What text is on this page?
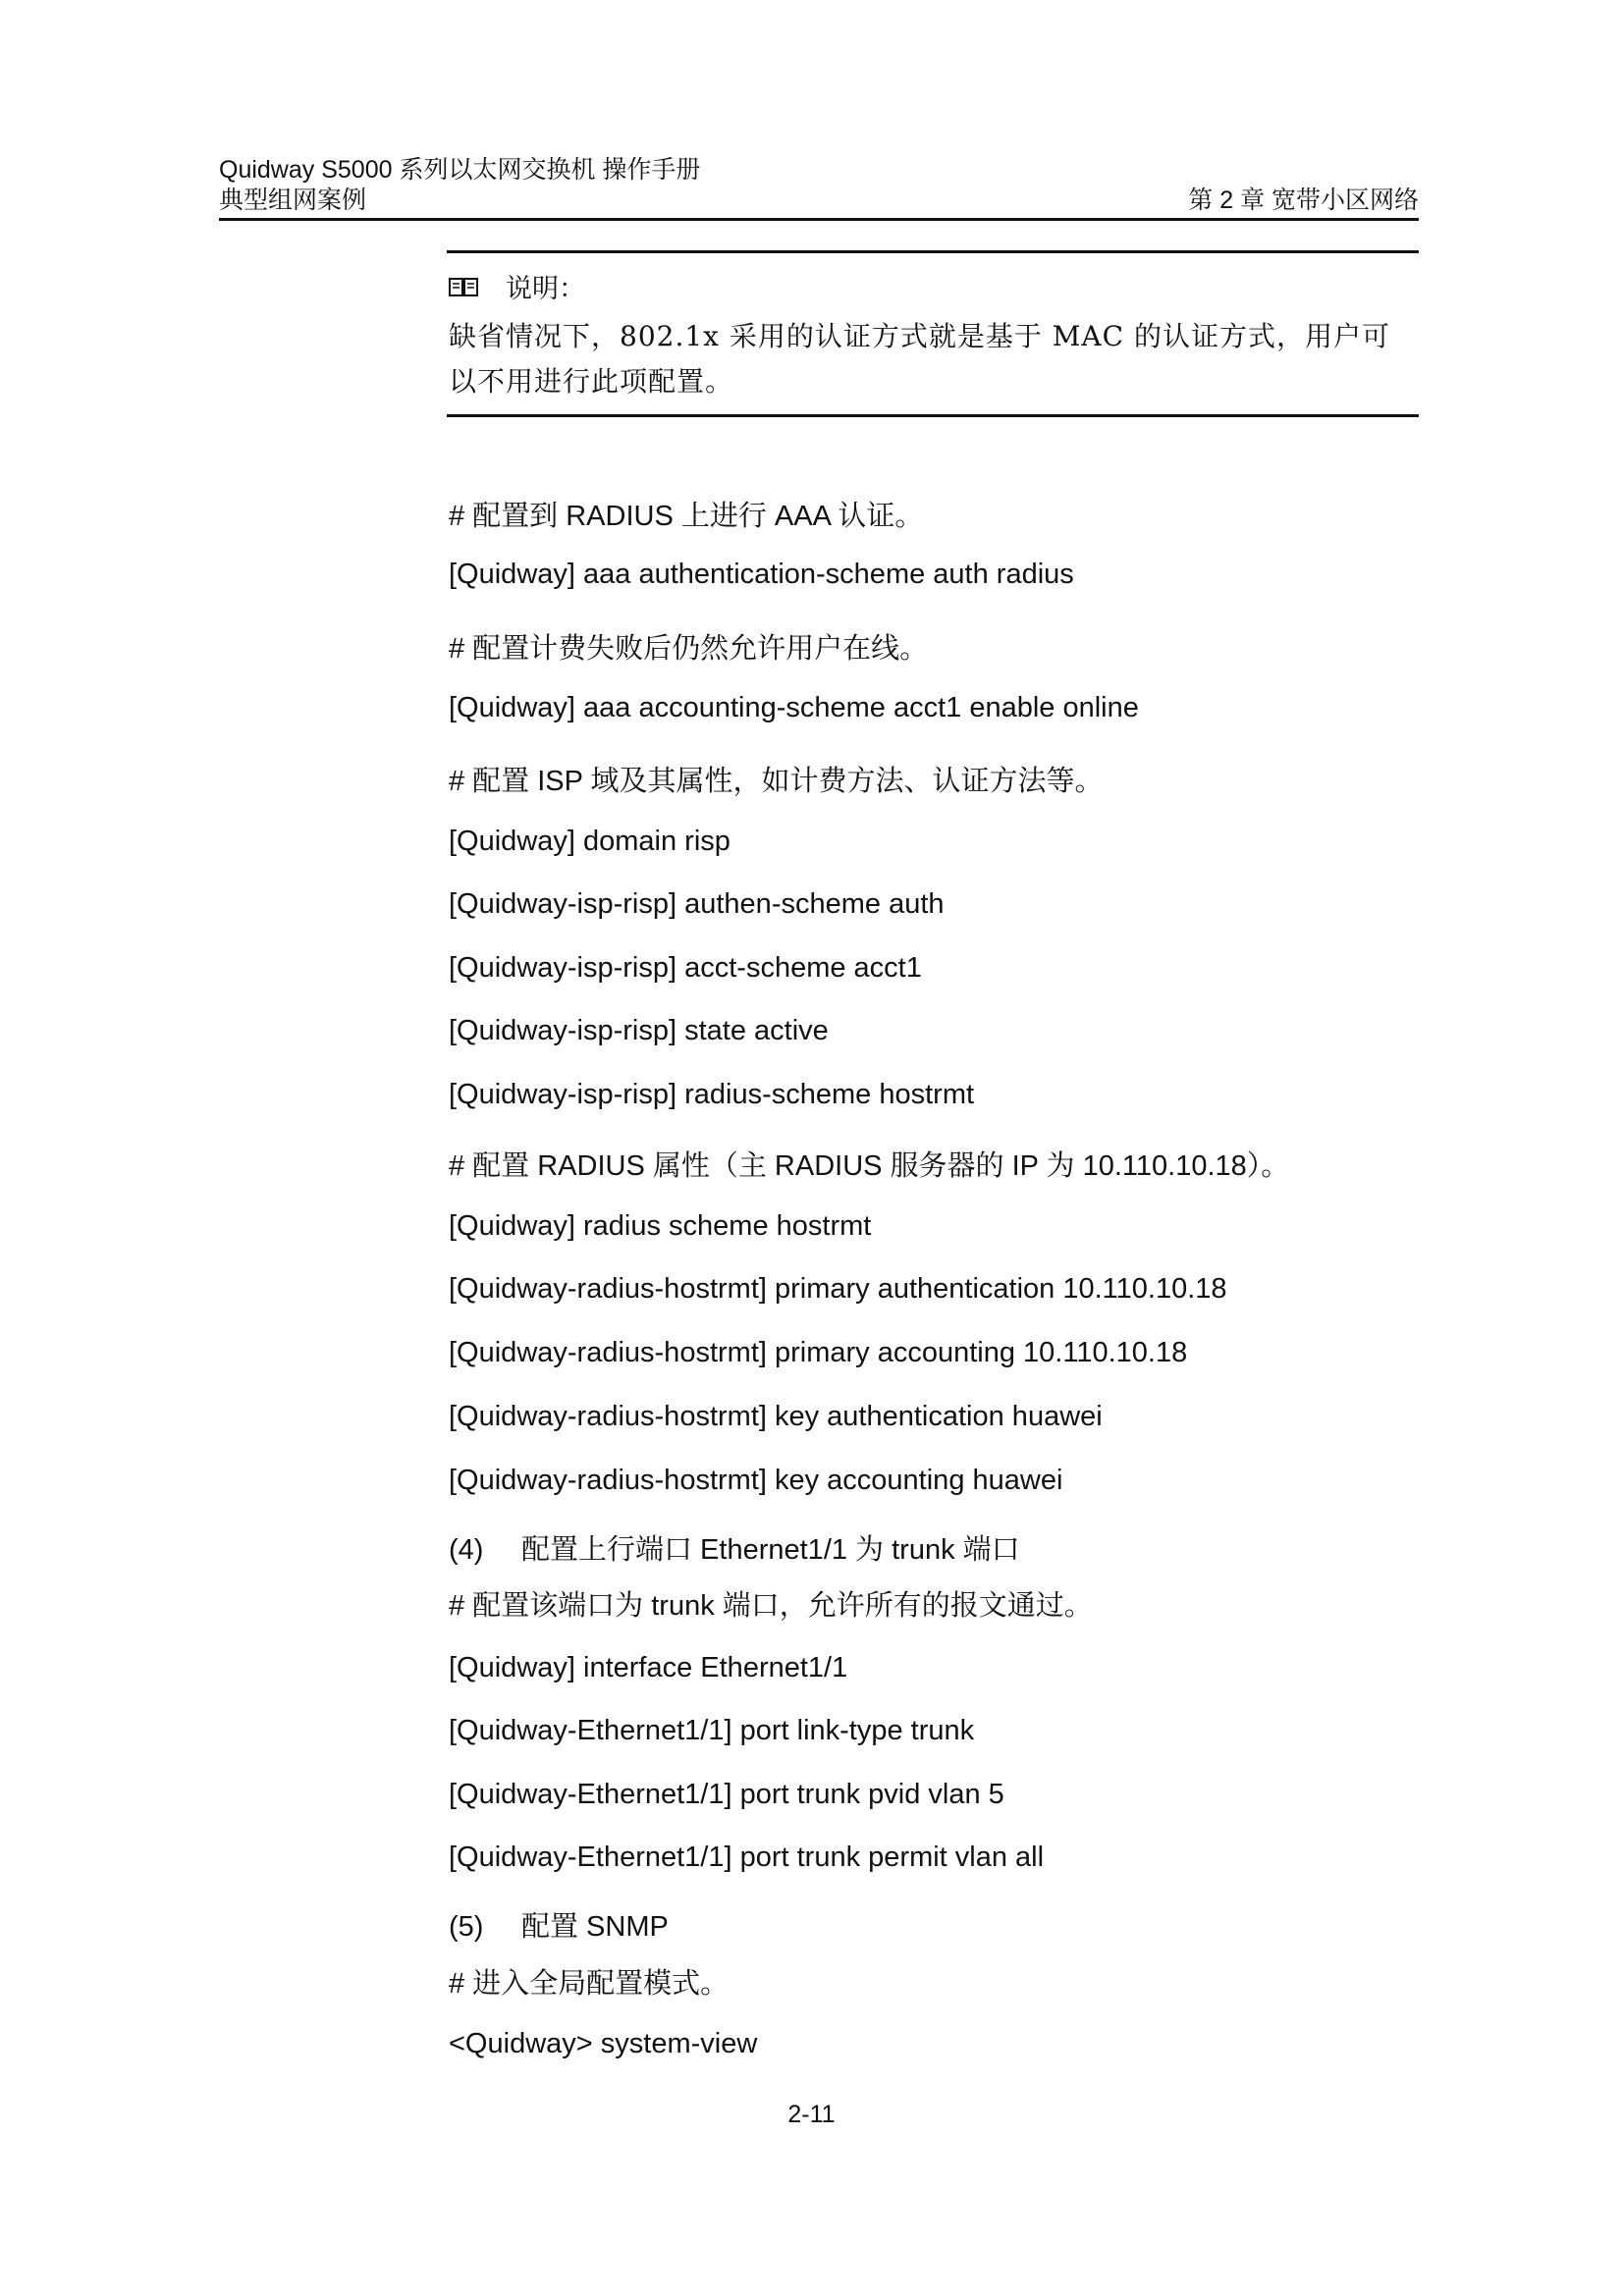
Quidway S5000 系列以太网交换机 操作手册
典型组网案例	第 2 章 宽带小区网络
说明：
缺省情况下，802.1x 采用的认证方式就是基于 MAC 的认证方式，用户可以不用进行此项配置。
# 配置到 RADIUS 上进行 AAA 认证。
[Quidway] aaa authentication-scheme auth radius
# 配置计费失败后仍然允许用户在线。
[Quidway] aaa accounting-scheme acct1 enable online
# 配置 ISP 域及其属性，如计费方法、认证方法等。
[Quidway] domain risp
[Quidway-isp-risp] authen-scheme auth
[Quidway-isp-risp] acct-scheme acct1
[Quidway-isp-risp] state active
[Quidway-isp-risp] radius-scheme hostrmt
# 配置 RADIUS 属性（主 RADIUS 服务器的 IP 为 10.110.10.18）。
[Quidway] radius scheme hostrmt
[Quidway-radius-hostrmt] primary authentication 10.110.10.18
[Quidway-radius-hostrmt] primary accounting 10.110.10.18
[Quidway-radius-hostrmt] key authentication huawei
[Quidway-radius-hostrmt] key accounting huawei
(4) 配置上行端口 Ethernet1/1 为 trunk 端口
# 配置该端口为 trunk 端口，允许所有的报文通过。
[Quidway] interface Ethernet1/1
[Quidway-Ethernet1/1] port link-type trunk
[Quidway-Ethernet1/1] port trunk pvid vlan 5
[Quidway-Ethernet1/1] port trunk permit vlan all
(5) 配置 SNMP
# 进入全局配置模式。
<Quidway> system-view
2-11
